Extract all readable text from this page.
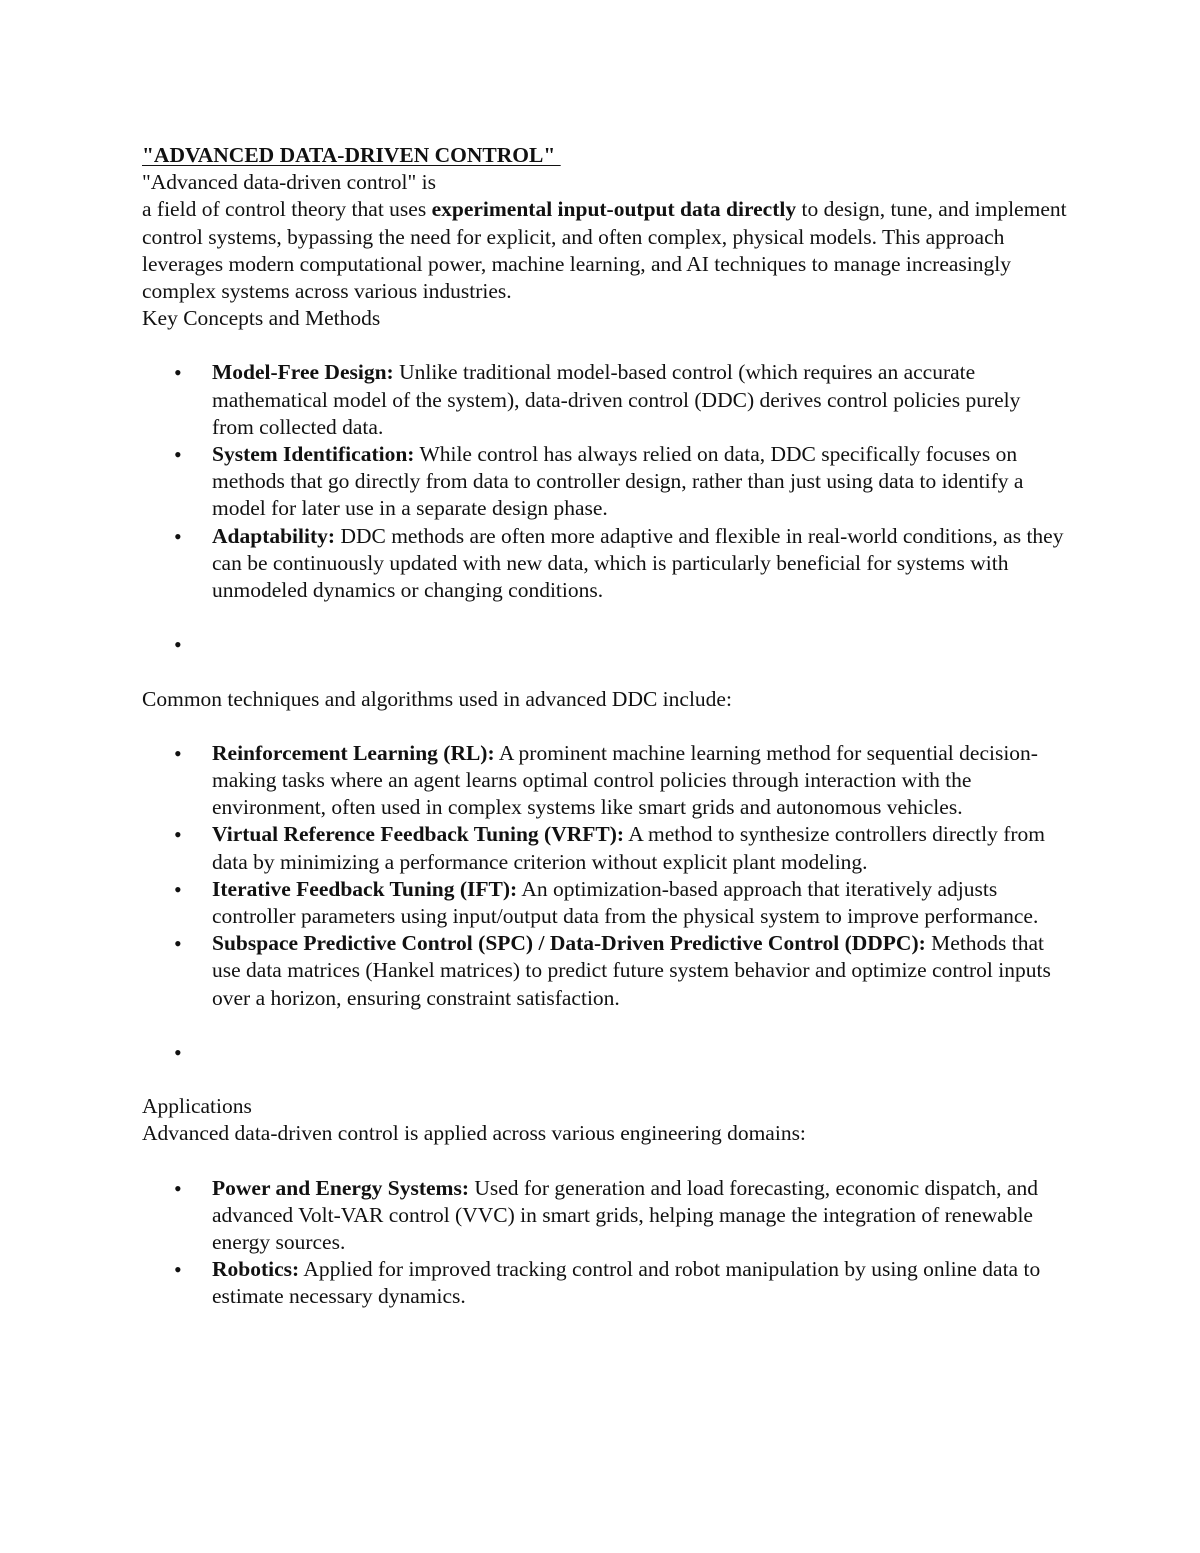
"ADVANCED DATA-DRIVEN CONTROL"

"Advanced data-driven control" is

a field of control theory that uses experimental input-output data directly to design, tune, and implement control systems, bypassing the need for explicit, and often complex, physical models. This approach leverages modern computational power, machine learning, and AI techniques to manage increasingly complex systems across various industries.

Key Concepts and Methods

• Model-Free Design: Unlike traditional model-based control (which requires an accurate mathematical model of the system), data-driven control (DDC) derives control policies purely from collected data.
• System Identification: While control has always relied on data, DDC specifically focuses on methods that go directly from data to controller design, rather than just using data to identify a model for later use in a separate design phase.
• Adaptability: DDC methods are often more adaptive and flexible in real-world conditions, as they can be continuously updated with new data, which is particularly beneficial for systems with unmodeled dynamics or changing conditions.
•

Common techniques and algorithms used in advanced DDC include:

• Reinforcement Learning (RL): A prominent machine learning method for sequential decision-making tasks where an agent learns optimal control policies through interaction with the environment, often used in complex systems like smart grids and autonomous vehicles.
• Virtual Reference Feedback Tuning (VRFT): A method to synthesize controllers directly from data by minimizing a performance criterion without explicit plant modeling.
• Iterative Feedback Tuning (IFT): An optimization-based approach that iteratively adjusts controller parameters using input/output data from the physical system to improve performance.
• Subspace Predictive Control (SPC) / Data-Driven Predictive Control (DDPC): Methods that use data matrices (Hankel matrices) to predict future system behavior and optimize control inputs over a horizon, ensuring constraint satisfaction.
•

Applications

Advanced data-driven control is applied across various engineering domains:

• Power and Energy Systems: Used for generation and load forecasting, economic dispatch, and advanced Volt-VAR control (VVC) in smart grids, helping manage the integration of renewable energy sources.
• Robotics: Applied for improved tracking control and robot manipulation by using online data to estimate necessary dynamics.
